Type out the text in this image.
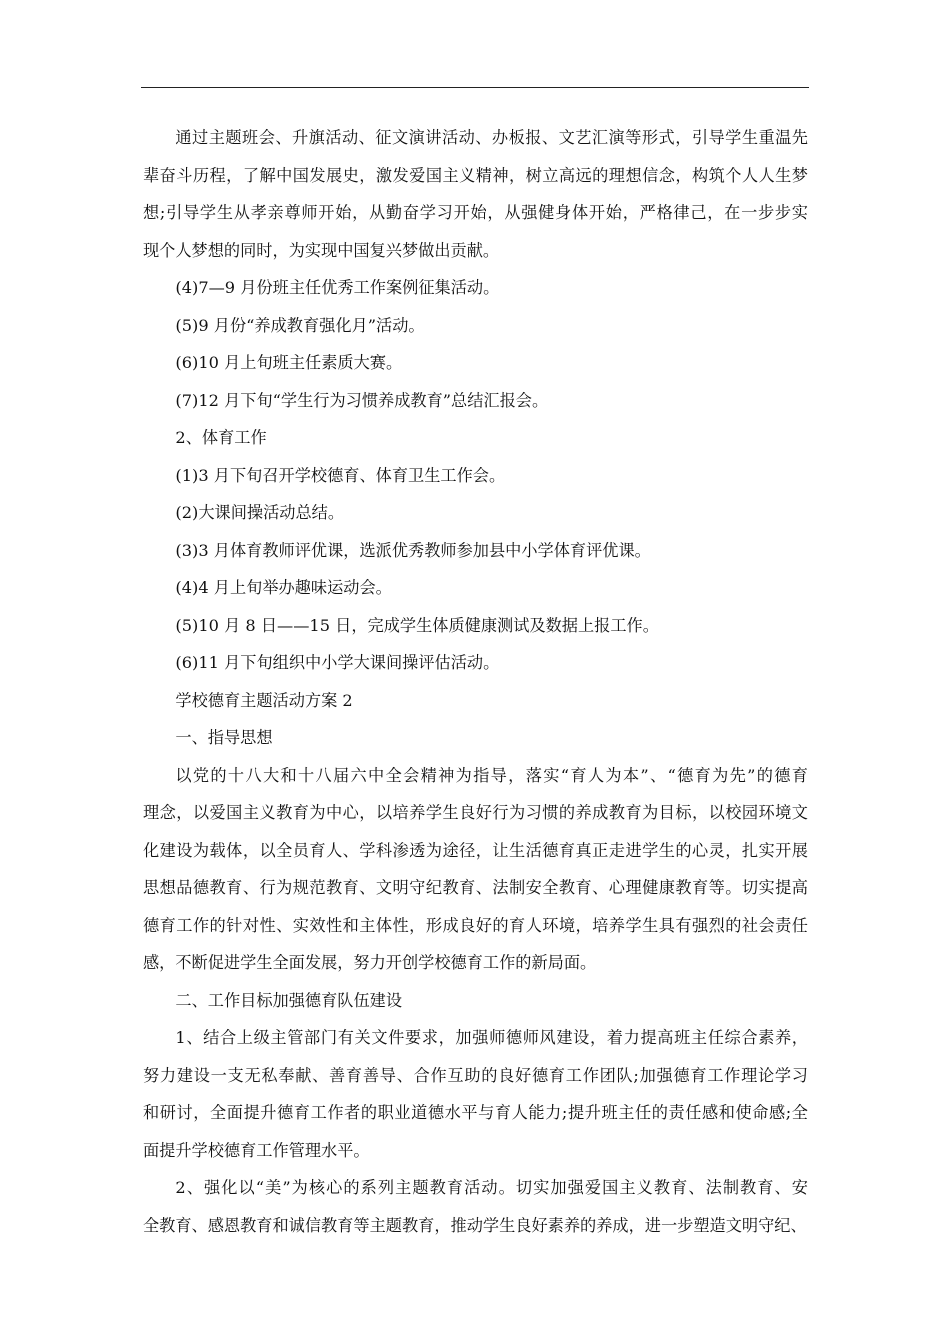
通过主题班会、升旗活动、征文演讲活动、办板报、文艺汇演等形式，引导学生重温先
辈奋斗历程，了解中国发展史，激发爱国主义精神，树立高远的理想信念，构筑个人人生梦
想;引导学生从孝亲尊师开始，从勤奋学习开始，从强健身体开始，严格律己，在一步步实
现个人梦想的同时，为实现中国复兴梦做出贡献。
(4)7—9 月份班主任优秀工作案例征集活动。
(5)9 月份“养成教育强化月”活动。
(6)10 月上旬班主任素质大赛。
(7)12 月下旬“学生行为习惯养成教育”总结汇报会。
2、体育工作
(1)3 月下旬召开学校德育、体育卫生工作会。
(2)大课间操活动总结。
(3)3 月体育教师评优课，选派优秀教师参加县中小学体育评优课。
(4)4 月上旬举办趣味运动会。
(5)10 月 8 日——15 日，完成学生体质健康测试及数据上报工作。
(6)11 月下旬组织中小学大课间操评估活动。
学校德育主题活动方案 2
一、指导思想
以党的十八大和十八届六中全会精神为指导，落实“育人为本”、“德育为先”的德育
理念，以爱国主义教育为中心，以培养学生良好行为习惯的养成教育为目标，以校园环境文
化建设为载体，以全员育人、学科渗透为途径，让生活德育真正走进学生的心灵，扎实开展
思想品德教育、行为规范教育、文明守纪教育、法制安全教育、心理健康教育等。切实提高
德育工作的针对性、实效性和主体性，形成良好的育人环境，培养学生具有强烈的社会责任
感，不断促进学生全面发展，努力开创学校德育工作的新局面。
二、工作目标加强德育队伍建设
1、结合上级主管部门有关文件要求，加强师德师风建设，着力提高班主任综合素养，
努力建设一支无私奉献、善育善导、合作互助的良好德育工作团队;加强德育工作理论学习
和研讨，全面提升德育工作者的职业道德水平与育人能力;提升班主任的责任感和使命感;全
面提升学校德育工作管理水平。
2、强化以“美”为核心的系列主题教育活动。切实加强爱国主义教育、法制教育、安
全教育、感恩教育和诚信教育等主题教育，推动学生良好素养的养成，进一步塑造文明守纪、
